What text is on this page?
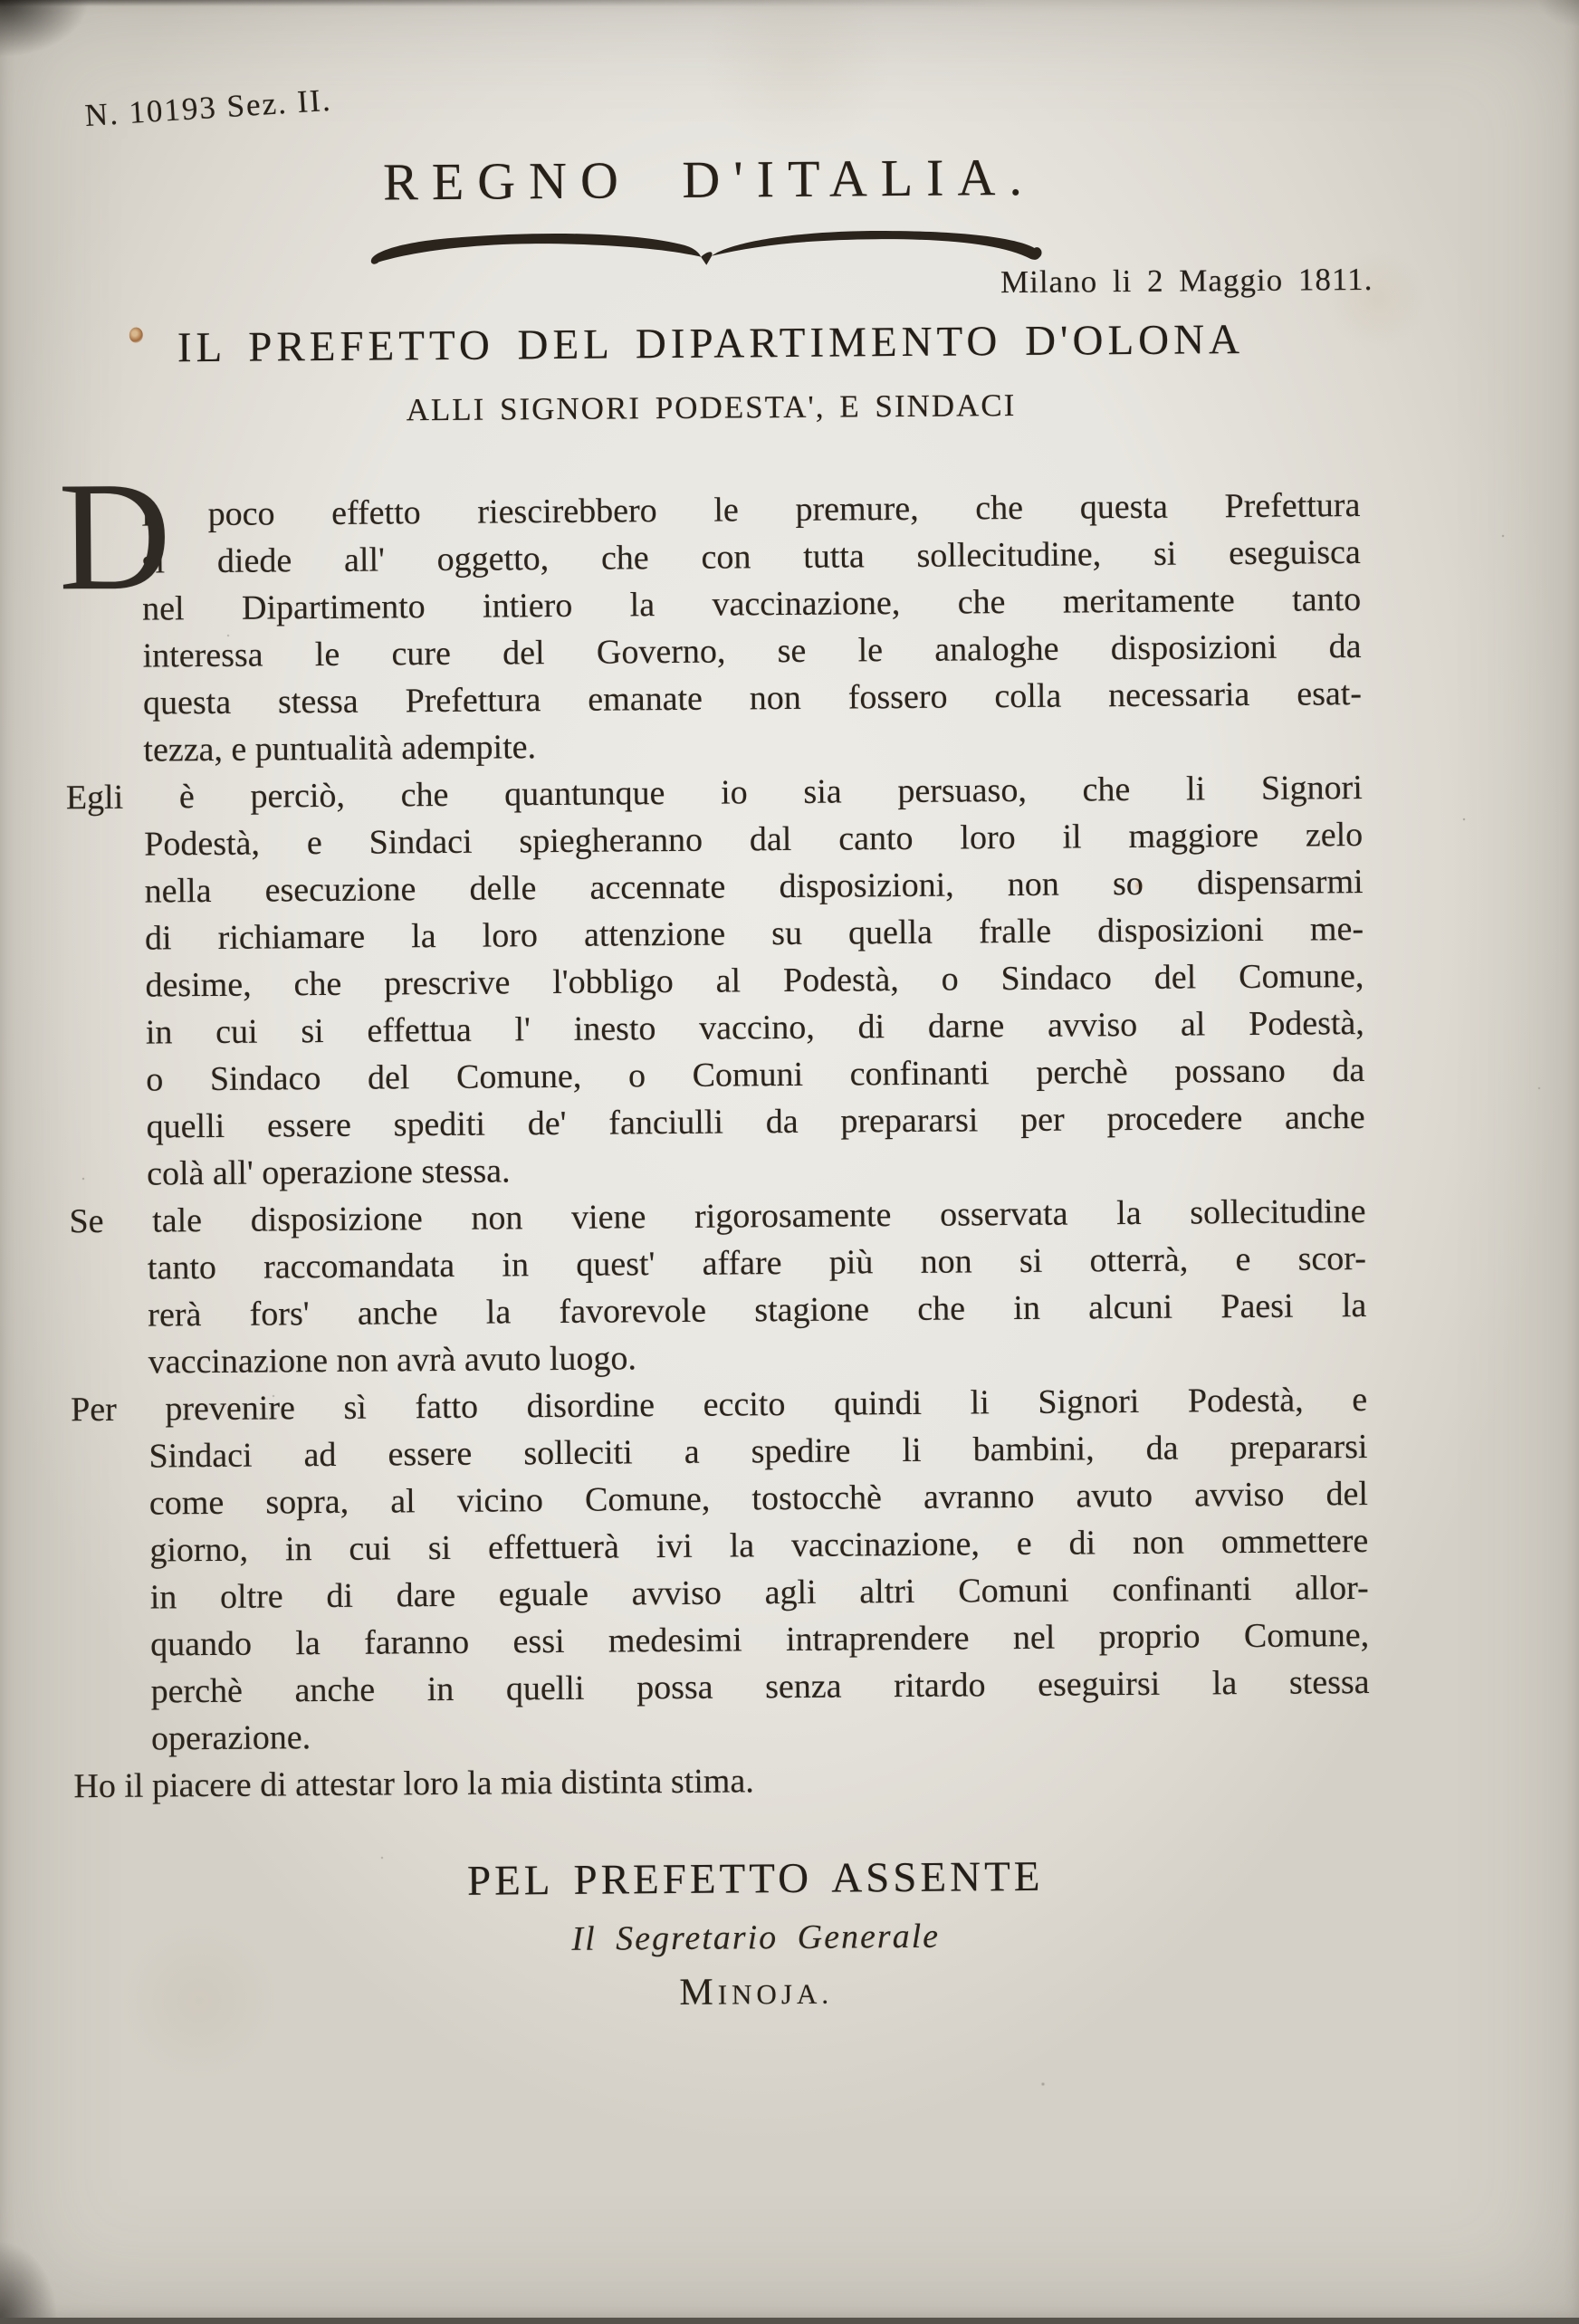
N. 10193 Sez. II.
REGNO D'ITALIA.
Milano li 2 Maggio 1811.
IL PREFETTO DEL DIPARTIMENTO D'OLONA
ALLI SIGNORI PODESTA', E SINDACI
D
i poco effetto riescirebbero le premure, che questa Prefettura
si diede all' oggetto, che con tutta sollecitudine, si eseguisca
nel Dipartimento intiero la vaccinazione, che meritamente tanto
interessa le cure del Governo, se le analoghe disposizioni da
questa stessa Prefettura emanate non fossero colla necessaria esat-
tezza, e puntualità adempite.
Egli è perciò, che quantunque io sia persuaso, che li Signori
Podestà, e Sindaci spiegheranno dal canto loro il maggiore zelo
nella esecuzione delle accennate disposizioni, non so dispensarmi
di richiamare la loro attenzione su quella fralle disposizioni me-
desime, che prescrive l'obbligo al Podestà, o Sindaco del Comune,
in cui si effettua l' inesto vaccino, di darne avviso al Podestà,
o Sindaco del Comune, o Comuni confinanti perchè possano da
quelli essere spediti de' fanciulli da prepararsi per procedere anche
colà all' operazione stessa.
Se tale disposizione non viene rigorosamente osservata la sollecitudine
tanto raccomandata in quest' affare più non si otterrà, e scor-
rerà fors' anche la favorevole stagione che in alcuni Paesi la
vaccinazione non avrà avuto luogo.
Per prevenire sì fatto disordine eccito quindi li Signori Podestà, e
Sindaci ad essere solleciti a spedire li bambini, da prepararsi
come sopra, al vicino Comune, tostocchè avranno avuto avviso del
giorno, in cui si effettuerà ivi la vaccinazione, e di non ommettere
in oltre di dare eguale avviso agli altri Comuni confinanti allor-
quando la faranno essi medesimi intraprendere nel proprio Comune,
perchè anche in quelli possa senza ritardo eseguirsi la stessa
operazione.
Ho il piacere di attestar loro la mia distinta stima.
PEL PREFETTO ASSENTE
Il Segretario Generale
MINOJA.
